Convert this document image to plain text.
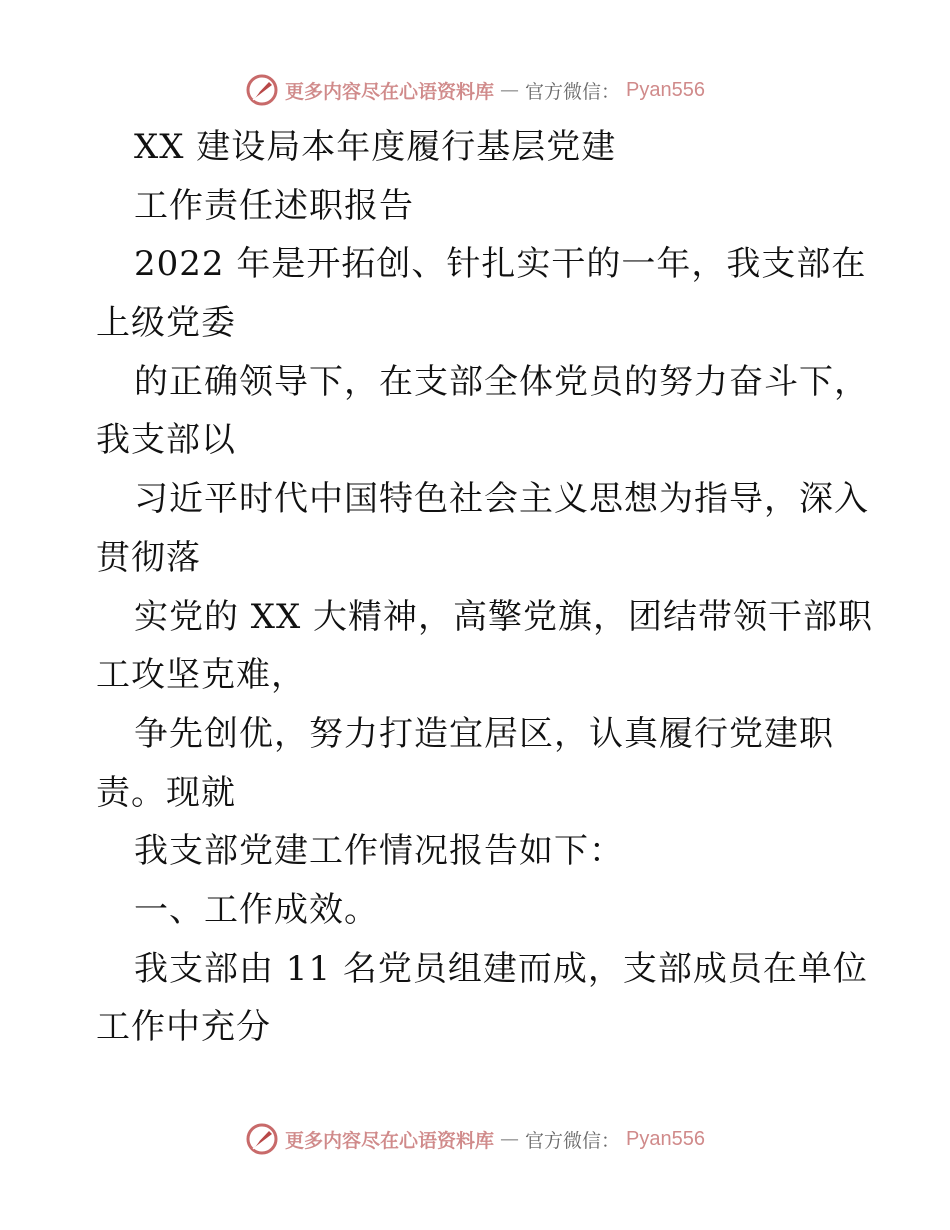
更多内容尽在心语资料库 — 官方微信： Pyan556
XX 建设局本年度履行基层党建
工作责任述职报告
2022 年是开拓创、针扎实干的一年，我支部在
上级党委
的正确领导下，在支部全体党员的努力奋斗下，
我支部以
习近平时代中国特色社会主义思想为指导，深入
贯彻落
实党的 XX 大精神，高擎党旗，团结带领干部职
工攻坚克难，
争先创优，努力打造宜居区，认真履行党建职
责。现就
我支部党建工作情况报告如下：
一、工作成效。
我支部由 11 名党员组建而成，支部成员在单位
工作中充分
更多内容尽在心语资料库 — 官方微信： Pyan556
